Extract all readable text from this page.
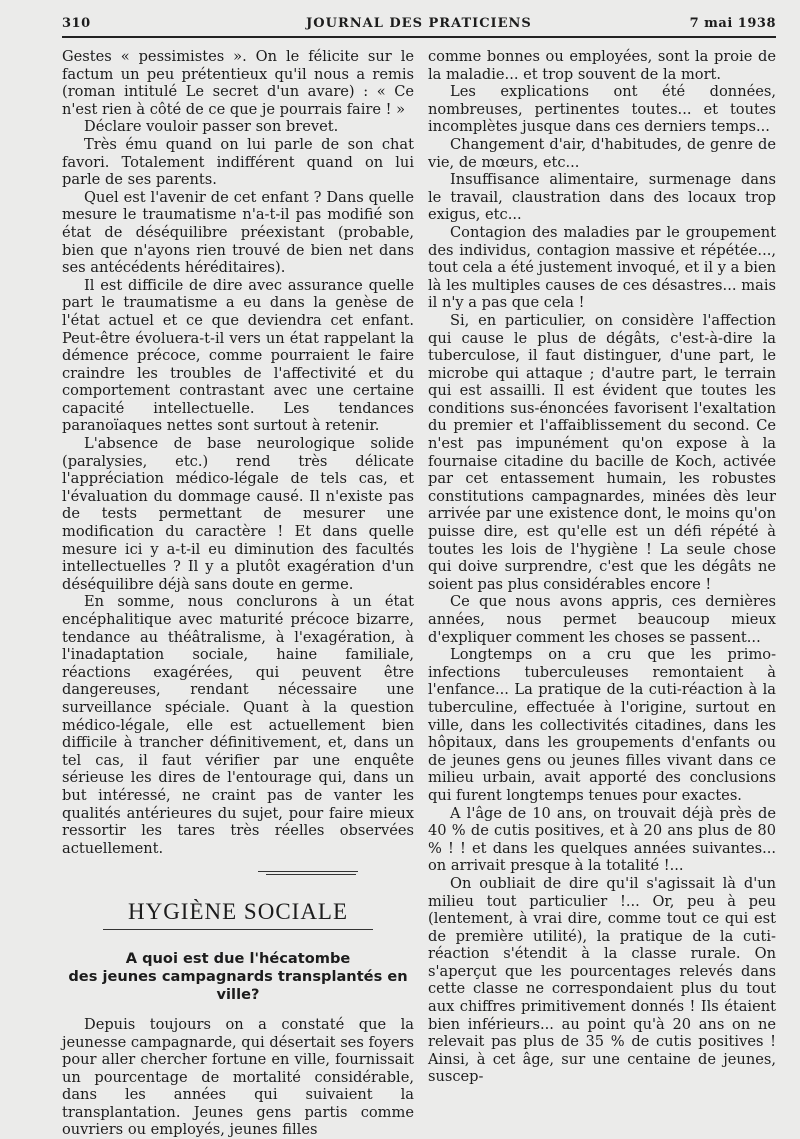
310	JOURNAL DES PRATICIENS	7 mai 1938

Gestes « pessimistes ». On le félicite sur le factum un peu prétentieux qu'il nous a remis (roman intitulé Le secret d'un avare) : « Ce n'est rien à côté de ce que je pourrais faire ! »

Déclare vouloir passer son brevet.

Très ému quand on lui parle de son chat favori. Totalement indifférent quand on lui parle de ses parents.

Quel est l'avenir de cet enfant ? Dans quelle mesure le traumatisme n'a-t-il pas modifié son état de déséquilibre préexistant (probable, bien que n'ayons rien trouvé de bien net dans ses antécédents héréditaires).

Il est difficile de dire avec assurance quelle part le traumatisme a eu dans la genèse de l'état actuel et ce que deviendra cet enfant. Peut-être évoluera-t-il vers un état rappelant la démence précoce, comme pourraient le faire craindre les troubles de l'affectivité et du comportement contrastant avec une certaine capacité intellectuelle. Les tendances paranoïaques nettes sont surtout à retenir.

L'absence de base neurologique solide (paralysies, etc.) rend très délicate l'appréciation médico-légale de tels cas, et l'évaluation du dommage causé. Il n'existe pas de tests permettant de mesurer une modification du caractère ! Et dans quelle mesure ici y a-t-il eu diminution des facultés intellectuelles ? Il y a plutôt exagération d'un déséquilibre déjà sans doute en germe.

En somme, nous conclurons à un état encéphalitique avec maturité précoce bizarre, tendance au théâtralisme, à l'exagération, à l'inadaptation sociale, haine familiale, réactions exagérées, qui peuvent être dangereuses, rendant nécessaire une surveillance spéciale. Quant à la question médico-légale, elle est actuellement bien difficile à trancher définitivement, et, dans un tel cas, il faut vérifier par une enquête sérieuse les dires de l'entourage qui, dans un but intéressé, ne craint pas de vanter les qualités antérieures du sujet, pour faire mieux ressortir les tares très réelles observées actuellement.

HYGIÈNE SOCIALE
A quoi est due l'hécatombe
des jeunes campagnards transplantés en ville?

Depuis toujours on a constaté que la jeunesse campagnarde, qui désertait ses foyers pour aller chercher fortune en ville, fournissait un pourcentage de mortalité considérable, dans les années qui suivaient la transplantation. Jeunes gens partis comme ouvriers ou employés, jeunes filles

comme bonnes ou employées, sont la proie de la maladie... et trop souvent de la mort.

Les explications ont été données, nombreuses, pertinentes toutes... et toutes incomplètes jusque dans ces derniers temps...

Changement d'air, d'habitudes, de genre de vie, de mœurs, etc...

Insuffisance alimentaire, surmenage dans le travail, claustration dans des locaux trop exigus, etc...

Contagion des maladies par le groupement des individus, contagion massive et répétée..., tout cela a été justement invoqué, et il y a bien là les multiples causes de ces désastres... mais il n'y a pas que cela !

Si, en particulier, on considère l'affection qui cause le plus de dégâts, c'est-à-dire la tuberculose, il faut distinguer, d'une part, le microbe qui attaque ; d'autre part, le terrain qui est assailli. Il est évident que toutes les conditions sus-énoncées favorisent l'exaltation du premier et l'affaiblissement du second. Ce n'est pas impunément qu'on expose à la fournaise citadine du bacille de Koch, activée par cet entassement humain, les robustes constitutions campagnardes, minées dès leur arrivée par une existence dont, le moins qu'on puisse dire, est qu'elle est un défi répété à toutes les lois de l'hygiène ! La seule chose qui doive surprendre, c'est que les dégâts ne soient pas plus considérables encore !

Ce que nous avons appris, ces dernières années, nous permet beaucoup mieux d'expliquer comment les choses se passent...

Longtemps on a cru que les primo-infections tuberculeuses remontaient à l'enfance... La pratique de la cuti-réaction à la tuberculine, effectuée à l'origine, surtout en ville, dans les collectivités citadines, dans les hôpitaux, dans les groupements d'enfants ou de jeunes gens ou jeunes filles vivant dans ce milieu urbain, avait apporté des conclusions qui furent longtemps tenues pour exactes.

A l'âge de 10 ans, on trouvait déjà près de 40 % de cutis positives, et à 20 ans plus de 80 % ! ! et dans les quelques années suivantes... on arrivait presque à la totalité !...

On oubliait de dire qu'il s'agissait là d'un milieu tout particulier !... Or, peu à peu (lentement, à vrai dire, comme tout ce qui est de première utilité), la pratique de la cuti-réaction s'étendit à la classe rurale. On s'aperçut que les pourcentages relevés dans cette classe ne correspondaient plus du tout aux chiffres primitivement donnés ! Ils étaient bien inférieurs... au point qu'à 20 ans on ne relevait pas plus de 35 % de cutis positives ! Ainsi, à cet âge, sur une centaine de jeunes, suscep-
